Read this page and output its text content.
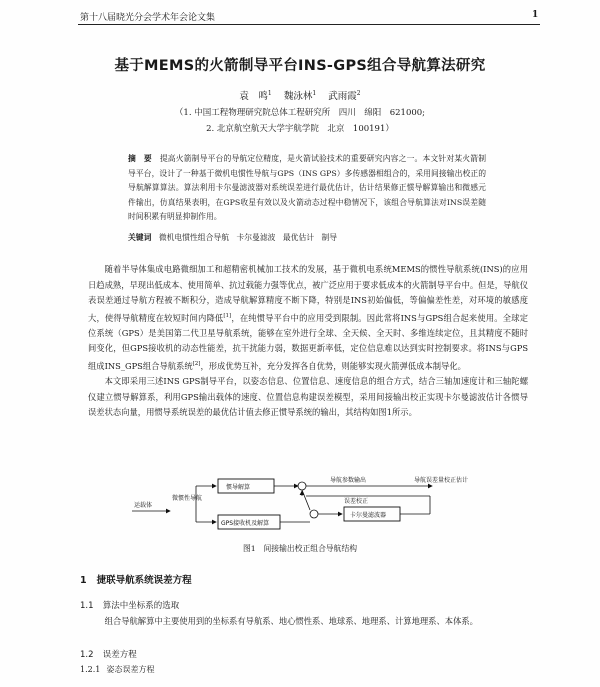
第十八届晓光分会学术年会论文集	1
基于MEMS的火箭制导平台INS-GPS组合导航算法研究
袁　鸣$^1$ 魏泳林$^1$ 武雨霞$^2$
（1. 中国工程物理研究院总体工程研究所　四川　绵阳　621000;
2. 北京航空航天大学宇航学院　北京　100191）
摘　要 提高火箭制导平台的导航定位精度，是火箭试验技术的重要研究内容之一。本文针对某火箭制导平台，设计了一种基于微机电惯性导航与GPS（INS GPS）多传感器相组合的，采用间接输出校正的导航解算算法。算法利用卡尔曼滤波器对系统误差进行最优估计，估计结果修正惯导解算输出和微感元件输出，仿真结果表明，在GPS收星有效以及火箭动态过程中稳情况下，该组合导航算法对INS误差随时间积累有明显抑制作用。
关键词 微机电惯性组合导航 卡尔曼滤波 最优估计 制导

随着半导体集成电路微细加工和超精密机械加工技术的发展，基于微机电系统MEMS的惯性导航系统(INS)的应用日趋成熟，早现出低成本、使用简单、抗过载能力强等优点，被广泛应用于要求低成本的火箭制导平台中。但是，导航仪表误差通过导航方程被不断积分，造成导航解算精度不断下降，特别是INS初始偏低，等偏偏差性差，对环境的敏感度大，使得导航精度在较短时间内降低[1]，在纯惯导平台中的应用受到限制。因此常将INS与GPS组合起来使用。全球定位系统（GPS）是美国第二代卫星导航系统，能够在室外进行全球、全天候、全天时、多维连续定位，且其精度不随时间变化，但GPS接收机的动态性能差，抗干扰能力弱，数据更新率低，定位信息难以达到实时控制要求。将INS与GPS组成INS_GPS组合导航系统[2]，形成优势互补，充分发挥各自优势，则能够实现火箭弹低成本制导化。

本文即采用三述INS GPS制导平台，以姿态信息、位置信息、速度信息的组合方式，结合三轴加速度计和三轴陀螺仪建立惯导解算系，利用GPS输出载体的速度、位置信息构建误差模型，采用间接输出校正实现卡尔曼滤波估计各惯导误差状态向量，用惯导系统误差的最优估计值去修正惯导系统的输出，其结构如图1所示。

运载体
微惯性导航
惯导解算
GPS接收机及解算
导航参数输出	导航误差量校正估计
卡尔曼滤波器
误差校正
图1　间接输出校正组合导航结构
1 捷联导航系统误差方程
1.1 算法中坐标系的选取

组合导航解算中主要使用到的坐标系有导航系、地心惯性系、地球系、地理系、计算地理系、本体系。

1.2 误差方程
1.2.1 姿态误差方程
